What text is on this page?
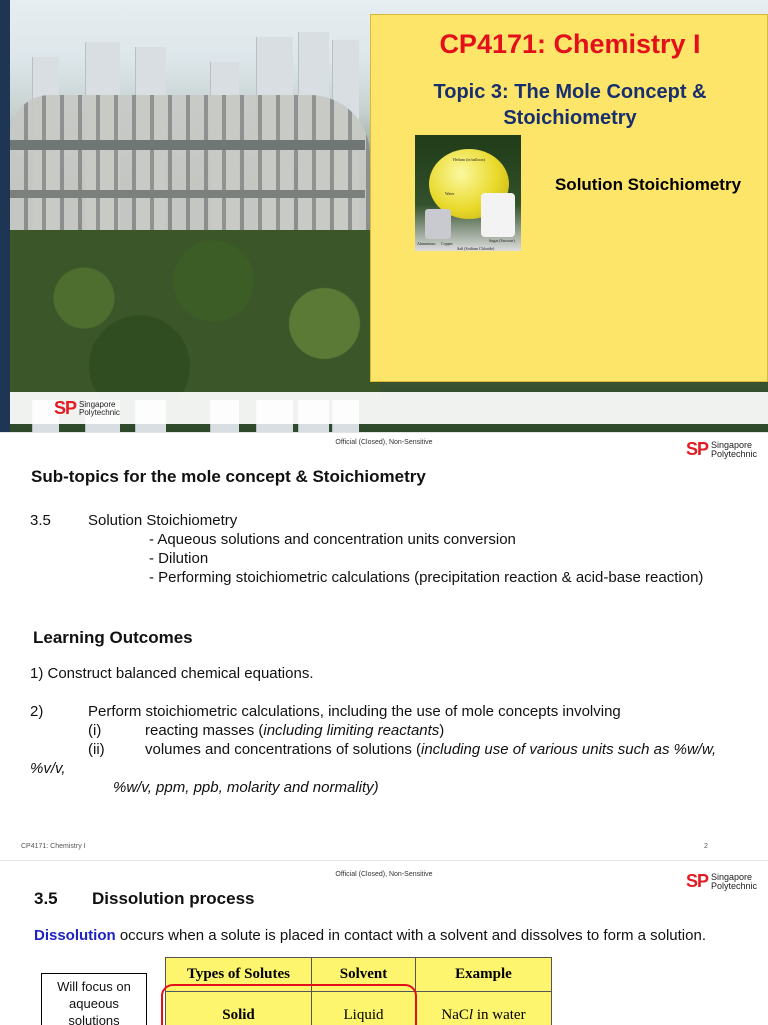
CP4171: Chemistry I
Topic 3: The Mole Concept &
Stoichiometry
Helium (in balloon)
Water
Aluminium Copper
Sugar (Sucrose)
Salt (Sodium Chloride)
Solution Stoichiometry
SP Singapore
Polytechnic
Official (Closed), Non-Sensitive	SP Singapore
Polytechnic
Sub-topics for the mole concept & Stoichiometry
3.5 Solution Stoichiometry
- Aqueous solutions and concentration units conversion
- Dilution
- Performing stoichiometric calculations (precipitation reaction & acid-base reaction)
Learning Outcomes
1) Construct balanced chemical equations.
2)	Perform stoichiometric calculations, including the use of mole concepts involving
(i)	reacting masses (including limiting reactants)
(ii)	volumes and concentrations of solutions (including use of various units such as %w/w,
%v/v,
%w/v, ppm, ppb, molarity and normality)
CP4171: Chemistry I	2
Official (Closed), Non-Sensitive	SP Singapore
Polytechnic
3.5 Dissolution process
Dissolution occurs when a solute is placed in contact with a solvent and dissolves to form a solution.
Will focus on
aqueous
solutions
Types of Solutes	Solvent	Example
Solid	Liquid	NaCl in water
